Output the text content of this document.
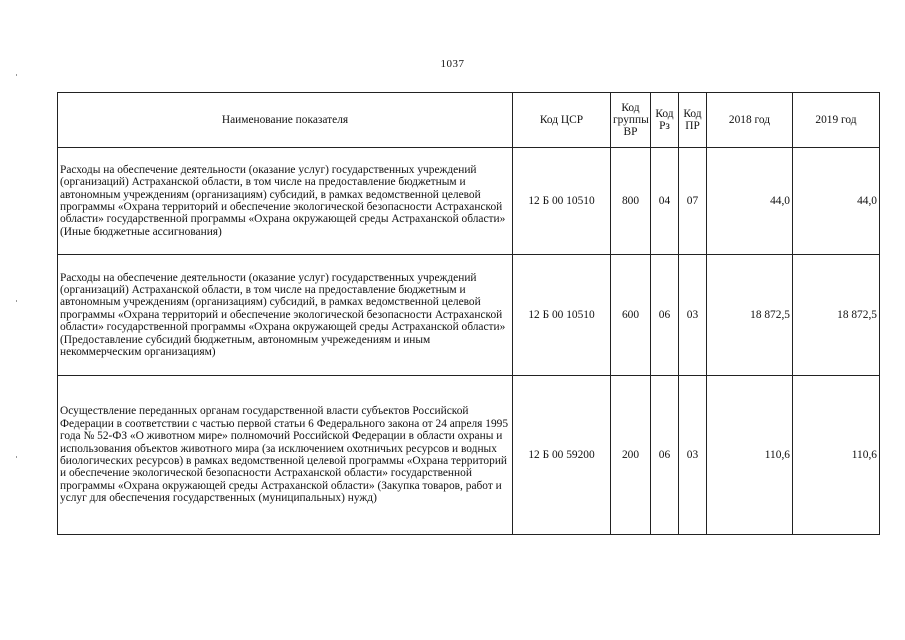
1037
Наименование показателя	Код ЦСР	Код группы ВР	Код Рз	Код ПР	2018 год	2019 год
Расходы на обеспечение деятельности (оказание услуг) государственных учреждений (организаций) Астраханской области, в том числе на предоставление бюджетным и автономным учреждениям (организациям) субсидий, в рамках ведомственной целевой программы «Охрана территорий и обеспечение экологической безопасности Астраханской области» государственной программы «Охрана окружающей среды Астраханской области» (Иные бюджетные ассигнования)	12 Б 00 10510	800	04	07	44,0	44,0
Расходы на обеспечение деятельности (оказание услуг) государственных учреждений (организаций) Астраханской области, в том числе на предоставление бюджетным и автономным учреждениям (организациям) субсидий, в рамках ведомственной целевой программы «Охрана территорий и обеспечение экологической безопасности Астраханской области» государственной программы «Охрана окружающей среды Астраханской области» (Предоставление субсидий бюджетным, автономным учрежедениям и иным некоммерческим организациям)	12 Б 00 10510	600	06	03	18 872,5	18 872,5
Осуществление переданных органам государственной власти субъектов Российской Федерации в соответствии с частью первой статьи 6 Федерального закона от 24 апреля 1995 года № 52-ФЗ «О животном мире» полномочий Российской Федерации в области охраны и использования объектов животного мира (за исключением охотничьих ресурсов и водных биологических ресурсов) в рамках ведомственной целевой программы «Охрана территорий и обеспечение экологической безопасности Астраханской области» государственной программы «Охрана окружающей среды Астраханской области» (Закупка товаров, работ и услуг для обеспечения государственных (муниципальных) нужд)	12 Б 00 59200	200	06	03	110,6	110,6
